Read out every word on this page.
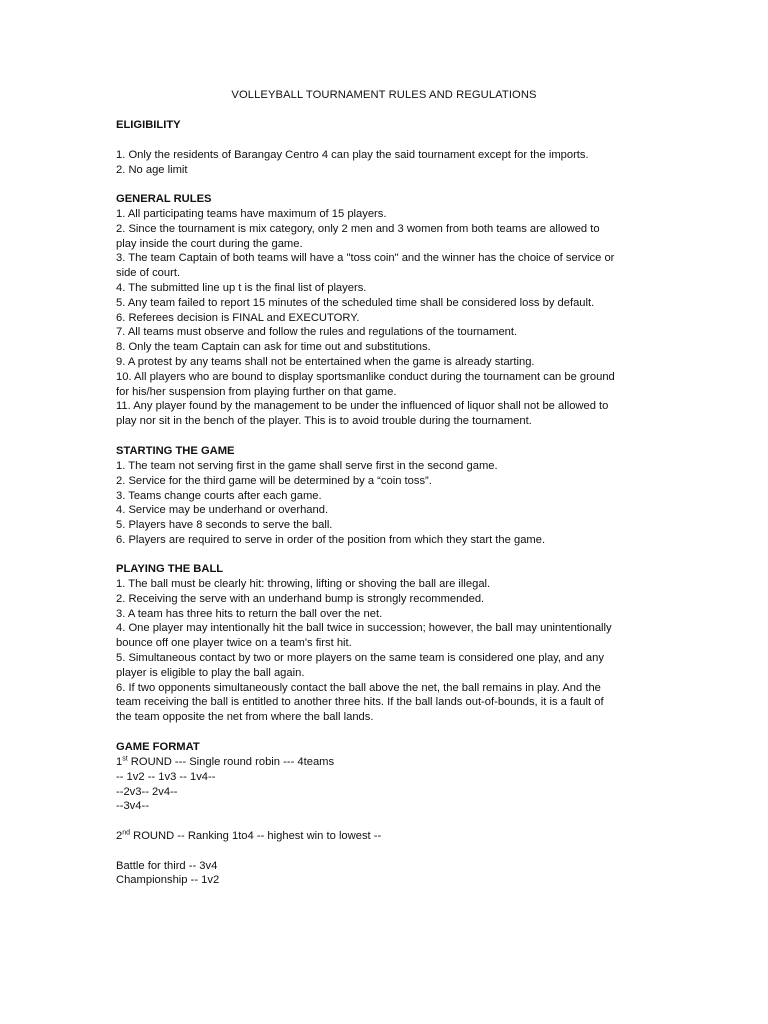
VOLLEYBALL TOURNAMENT RULES AND REGULATIONS
ELIGIBILITY
1. Only the residents of Barangay Centro 4 can play the said tournament except for the imports.
2. No age limit
GENERAL RULES
1. All participating teams have maximum of 15 players.
2. Since the tournament is mix category, only 2 men and 3 women from both teams are allowed to
play inside the court during the game.
3. The team Captain of both teams will have a "toss coin" and the winner has the choice of service or
side of court.
4. The submitted line up t is the final list of players.
5. Any team failed to report 15 minutes of the scheduled time shall be considered loss by default.
6. Referees decision is FINAL and EXECUTORY.
7. All teams must observe and follow the rules and regulations of the tournament.
8. Only the team Captain can ask for time out and substitutions.
9. A protest by any teams shall not be entertained when the game is already starting.
10. All players who are bound to display sportsmanlike conduct during the tournament can be ground
for his/her suspension from playing further on that game.
11. Any player found by the management to be under the influenced of liquor shall not be allowed to
play nor sit in the bench of the player. This is to avoid trouble during the tournament.
STARTING THE GAME
1. The team not serving first in the game shall serve first in the second game.
2. Service for the third game will be determined by a “coin toss”.
3. Teams change courts after each game.
4. Service may be underhand or overhand.
5. Players have 8 seconds to serve the ball.
6. Players are required to serve in order of the position from which they start the game.
PLAYING THE BALL
1. The ball must be clearly hit: throwing, lifting or shoving the ball are illegal.
2. Receiving the serve with an underhand bump is strongly recommended.
3. A team has three hits to return the ball over the net.
4. One player may intentionally hit the ball twice in succession; however, the ball may unintentionally
bounce off one player twice on a team's first hit.
5. Simultaneous contact by two or more players on the same team is considered one play, and any
player is eligible to play the ball again.
6. If two opponents simultaneously contact the ball above the net, the ball remains in play. And the
team receiving the ball is entitled to another three hits. If the ball lands out-of-bounds, it is a fault of
the team opposite the net from where the ball lands.
GAME FORMAT
1st ROUND --- Single round robin --- 4teams
-- 1v2 -- 1v3 -- 1v4--
--2v3-- 2v4--
--3v4--
2nd ROUND -- Ranking 1to4 -- highest win to lowest --
Battle for third -- 3v4
Championship -- 1v2
